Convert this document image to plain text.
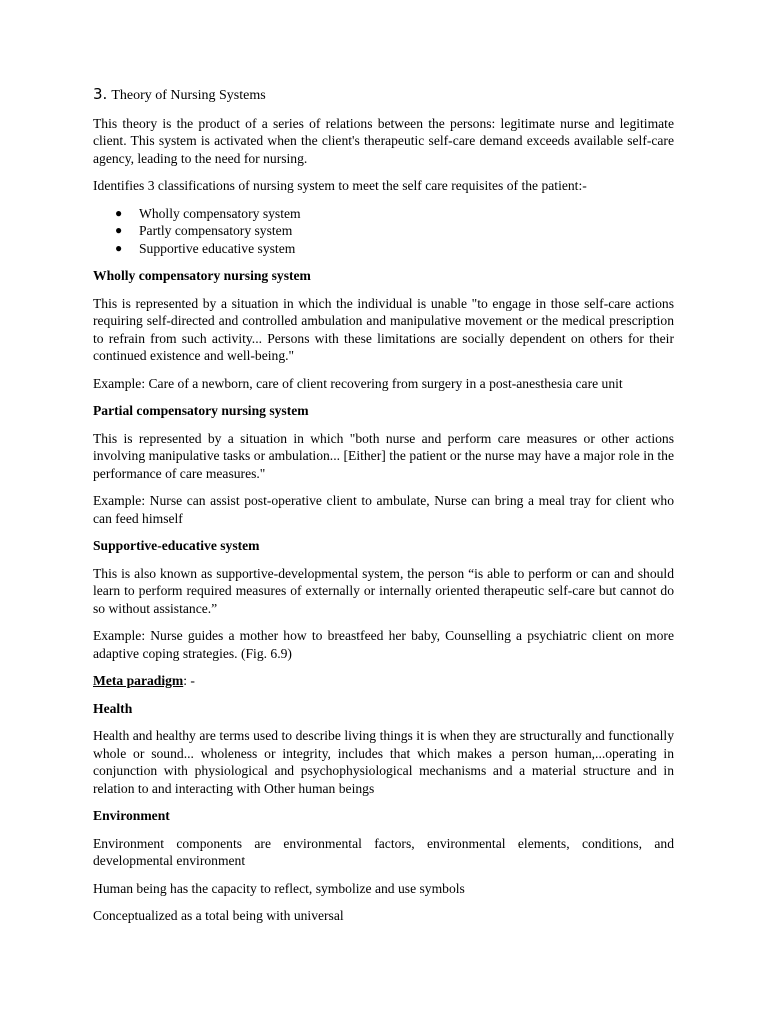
3. Theory of Nursing Systems

This theory is the product of a series of relations between the persons: legitimate nurse and legitimate client. This system is activated when the client's therapeutic self-care demand exceeds available self-care agency, leading to the need for nursing.

Identifies 3 classifications of nursing system to meet the self care requisites of the patient:-

● Wholly compensatory system
● Partly compensatory system
● Supportive educative system
Wholly compensatory nursing system

This is represented by a situation in which the individual is unable "to engage in those self-care actions requiring self-directed and controlled ambulation and manipulative movement or the medical prescription to refrain from such activity... Persons with these limitations are socially dependent on others for their continued existence and well-being."

Example: Care of a newborn, care of client recovering from surgery in a post-anesthesia care unit

Partial compensatory nursing system

This is represented by a situation in which "both nurse and perform care measures or other actions involving manipulative tasks or ambulation... [Either] the patient or the nurse may have a major role in the performance of care measures."

Example: Nurse can assist post-operative client to ambulate, Nurse can bring a meal tray for client who can feed himself

Supportive-educative system

This is also known as supportive-developmental system, the person “is able to perform or can and should learn to perform required measures of externally or internally oriented therapeutic self-care but cannot do so without assistance.”

Example: Nurse guides a mother how to breastfeed her baby, Counselling a psychiatric client on more adaptive coping strategies. (Fig. 6.9)

Meta paradigm: -

Health

Health and healthy are terms used to describe living things it is when they are structurally and functionally whole or sound... wholeness or integrity, includes that which makes a person human,...operating in conjunction with physiological and psychophysiological mechanisms and a material structure and in relation to and interacting with Other human beings

Environment

Environment components are environmental factors, environmental elements, conditions, and developmental environment

Human being has the capacity to reflect, symbolize and use symbols

Conceptualized as a total being with universal
